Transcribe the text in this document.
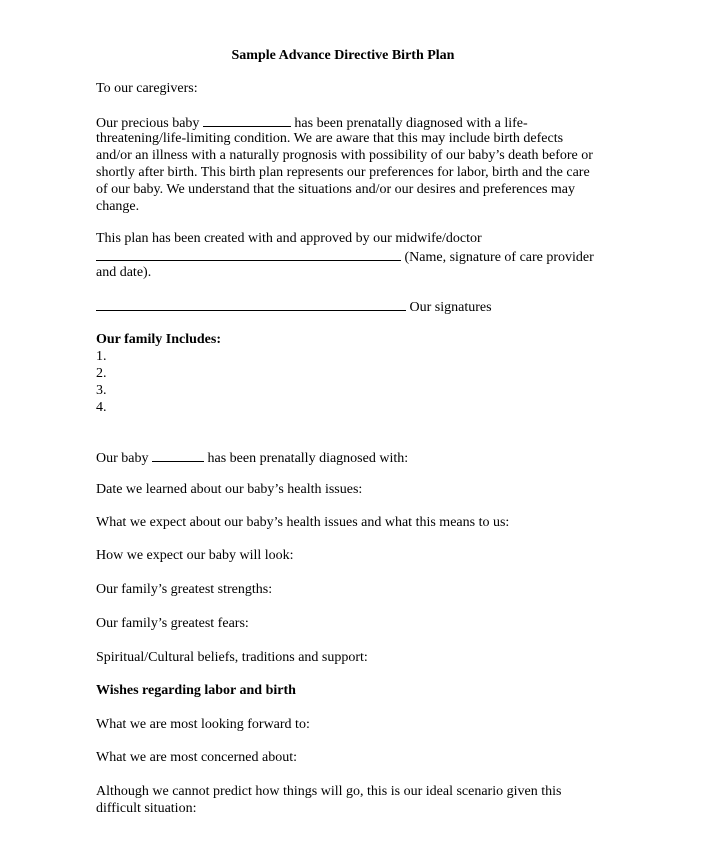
Sample Advance Directive Birth Plan
To our caregivers:
Our precious baby	has been prenatally diagnosed with a life-
threatening/life-limiting condition. We are aware that this may include birth defects
and/or an illness with a naturally prognosis with possibility of our baby’s death before or
shortly after birth. This birth plan represents our preferences for labor, birth and the care
of our baby. We understand that the situations and/or our desires and preferences may
change.
This plan has been created with and approved by our midwife/doctor
(Name, signature of care provider
and date).
Our signatures
Our family Includes:
1.
2.
3.
4.
Our baby	has been prenatally diagnosed with:
Date we learned about our baby’s health issues:
What we expect about our baby’s health issues and what this means to us:
How we expect our baby will look:
Our family’s greatest strengths:
Our family’s greatest fears:
Spiritual/Cultural beliefs, traditions and support:
Wishes regarding labor and birth
What we are most looking forward to:
What we are most concerned about:
Although we cannot predict how things will go, this is our ideal scenario given this
difficult situation:
